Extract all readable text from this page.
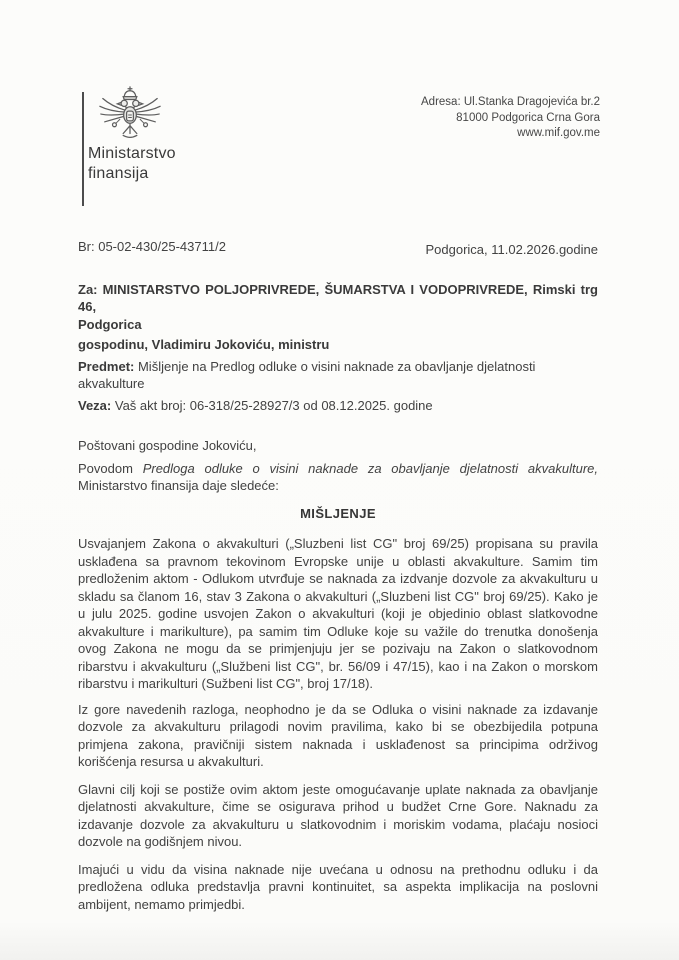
Ministarstvo
finansija
Adresa: Ul.Stanka Dragojevića br.2
81000 Podgorica Crna Gora
www.mif.gov.me
Br: 05-02-430/25-43711/2	Podgorica, 11.02.2026.godine
Za: MINISTARSTVO POLJOPRIVREDE, ŠUMARSTVA I VODOPRIVREDE, Rimski trg 46,
Podgorica
gospodinu, Vladimiru Jokoviću, ministru
Predmet: Mišljenje na Predlog odluke o visini naknade za obavljanje djelatnosti akvakulture
Veza: Vaš akt broj: 06-318/25-28927/3 od 08.12.2025. godine
Poštovani gospodine Jokoviću,
Povodom Predloga odluke o visini naknade za obavljanje djelatnosti akvakulture, Ministarstvo finansija daje sledeće:
MIŠLJENJE
Usvajanjem Zakona o akvakulturi („Sluzbeni list CG" broj 69/25) propisana su pravila usklađena sa pravnom tekovinom Evropske unije u oblasti akvakulture. Samim tim predloženim aktom - Odlukom utvrđuje se naknada za izdvanje dozvole za akvakulturu u skladu sa članom 16, stav 3 Zakona o akvakulturi („Sluzbeni list CG" broj 69/25). Kako je u julu 2025. godine usvojen Zakon o akvakulturi (koji je objedinio oblast slatkovodne akvakulture i marikulture), pa samim tim Odluke koje su važile do trenutka donošenja ovog Zakona ne mogu da se primjenjuju jer se pozivaju na Zakon o slatkovodnom ribarstvu i akvakulturu („Službeni list CG", br. 56/09 i 47/15), kao i na Zakon o morskom ribarstvu i marikulturi (Sužbeni list CG", broj 17/18).
Iz gore navedenih razloga, neophodno je da se Odluka o visini naknade za izdavanje dozvole za akvakulturu prilagodi novim pravilima, kako bi se obezbijedila potpuna primjena zakona, pravičniji sistem naknada i usklađenost sa principima održivog korišćenja resursa u akvakulturi.
Glavni cilj koji se postiže ovim aktom jeste omogućavanje uplate naknada za obavljanje djelatnosti akvakulture, čime se osigurava prihod u budžet Crne Gore. Naknadu za izdavanje dozvole za akvakulturu u slatkovodnim i moriskim vodama, plaćaju nosioci dozvole na godišnjem nivou.
Imajući u vidu da visina naknade nije uvećana u odnosu na prethodnu odluku i da predložena odluka predstavlja pravni kontinuitet, sa aspekta implikacija na poslovni ambijent, nemamo primjedbi.
